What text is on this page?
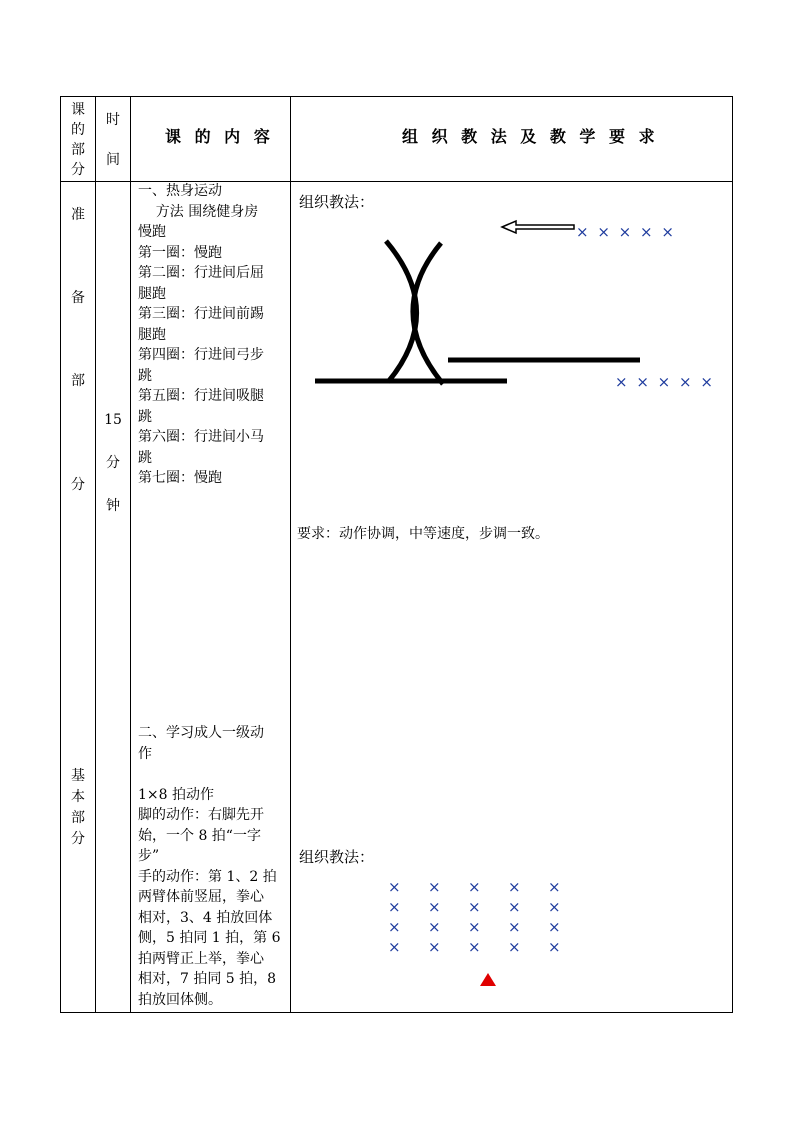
课
的
部
分
时
间
课 的 内 容	组 织 教 法 及 教 学 要 求
准
备
部
分
基
本
部
分
15
分
钟
一、热身运动
方法 围绕健身房
慢跑
第一圈：慢跑
第二圈：行进间后屈
腿跑
第三圈：行进间前踢
腿跑
第四圈：行进间弓步
跳
第五圈：行进间吸腿
跳
第六圈：行进间小马
跳
第七圈：慢跑
二、学习成人一级动
作
1×8 拍动作
脚的动作：右脚先开
始，一个 8 拍“一字
步”
手的动作：第 1、2 拍
两臂体前竖屈，拳心
相对，3、4 拍放回体
侧，5 拍同 1 拍，第 6
拍两臂正上举，拳心
相对，7 拍同 5 拍，8
拍放回体侧。
组织教法：
× × × × ×
× × × × ×
要求：动作协调，中等速度，步调一致。
组织教法：
× × × × ×
× × × × ×
× × × × ×
× × × × ×
